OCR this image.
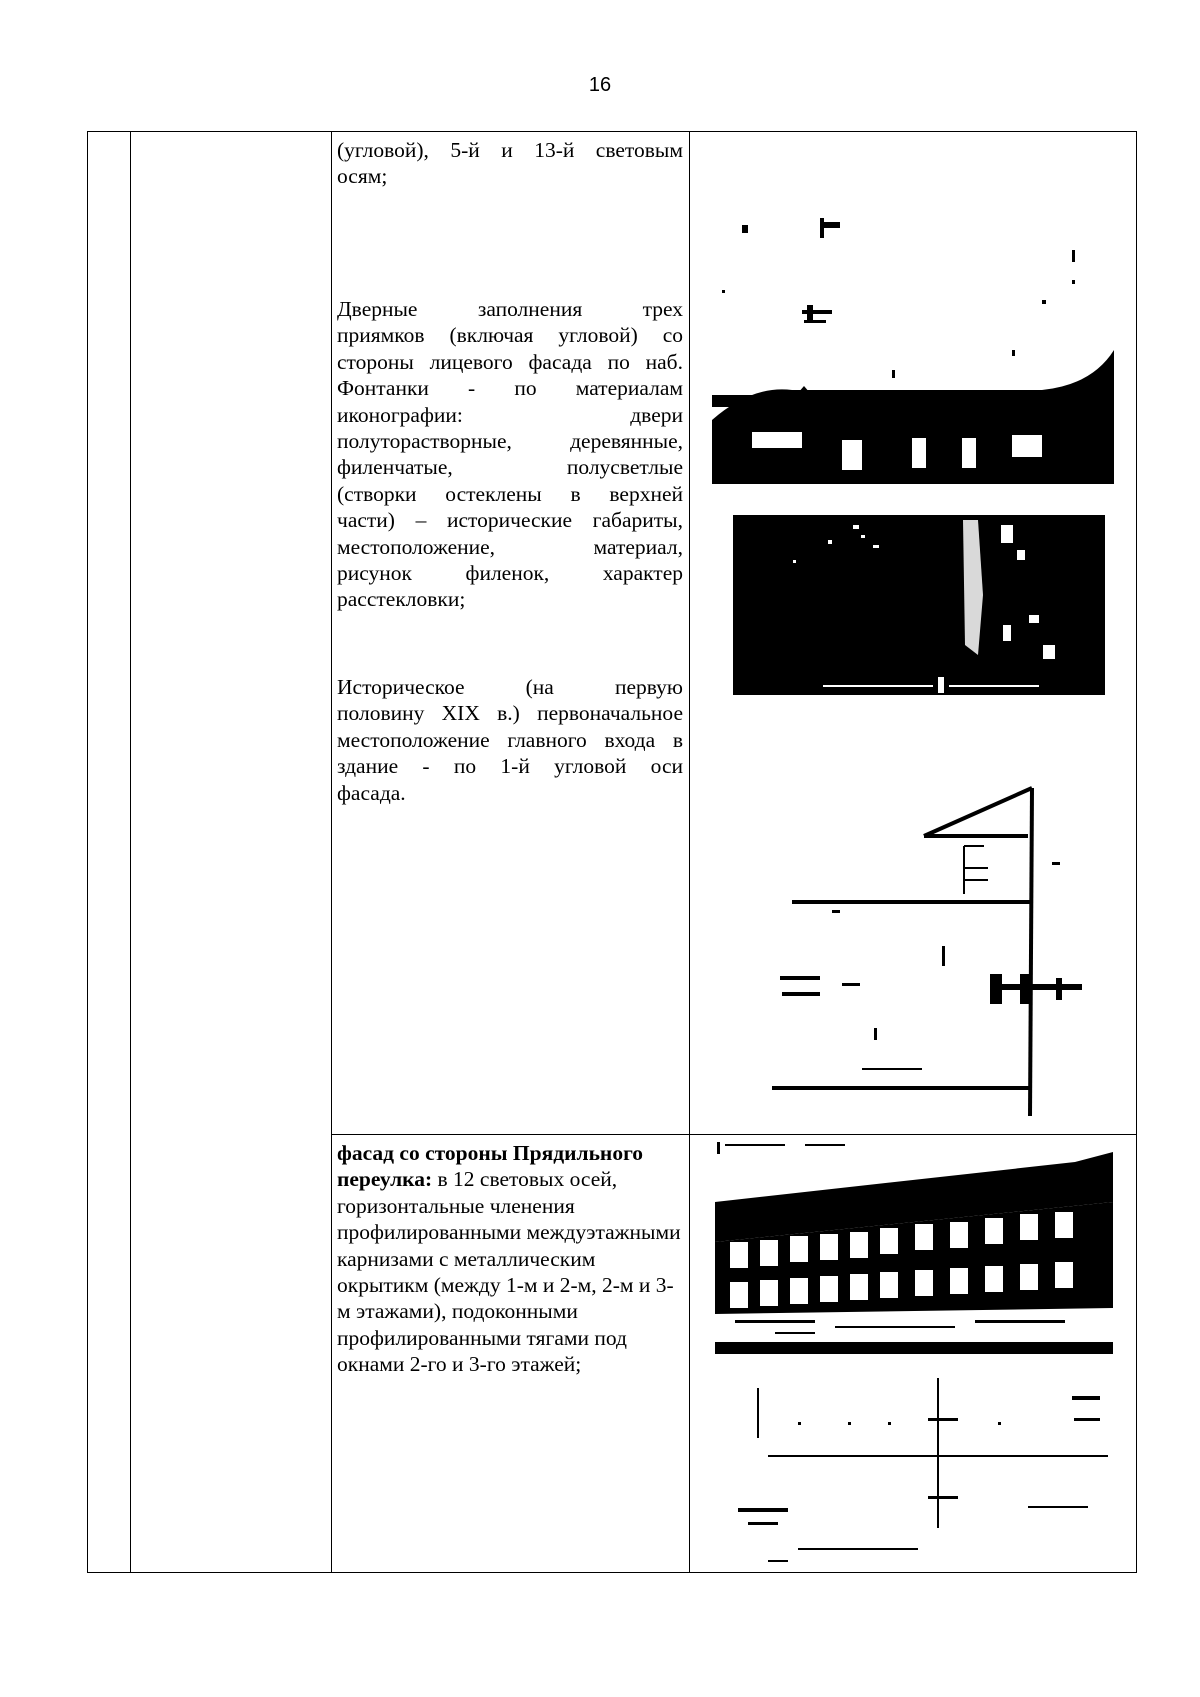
16

(угловой), 5-й и 13-й световым

осям;

Дверные заполнения трех

приямков (включая угловой) со

стороны лицевого фасада по наб.

Фонтанки - по материалам

иконографии: двери

полуторастворные, деревянные,

филенчатые, полусветлые

(створки остеклены в верхней

части) – исторические габариты,

местоположение, материал,

рисунок филенок, характер

расстекловки;

Историческое (на первую

половину XIX в.) первоначальное

местоположение главного входа в

здание - по 1-й угловой оси

фасада.

фасад со стороны Прядильного переулка: в 12 световых осей, горизонтальные членения профилированными междуэтажными карнизами с металлическим окрытикм (между 1-м и 2-м, 2-м и 3-м этажами), подоконными профилированными тягами под окнами 2-го и 3-го этажей;
